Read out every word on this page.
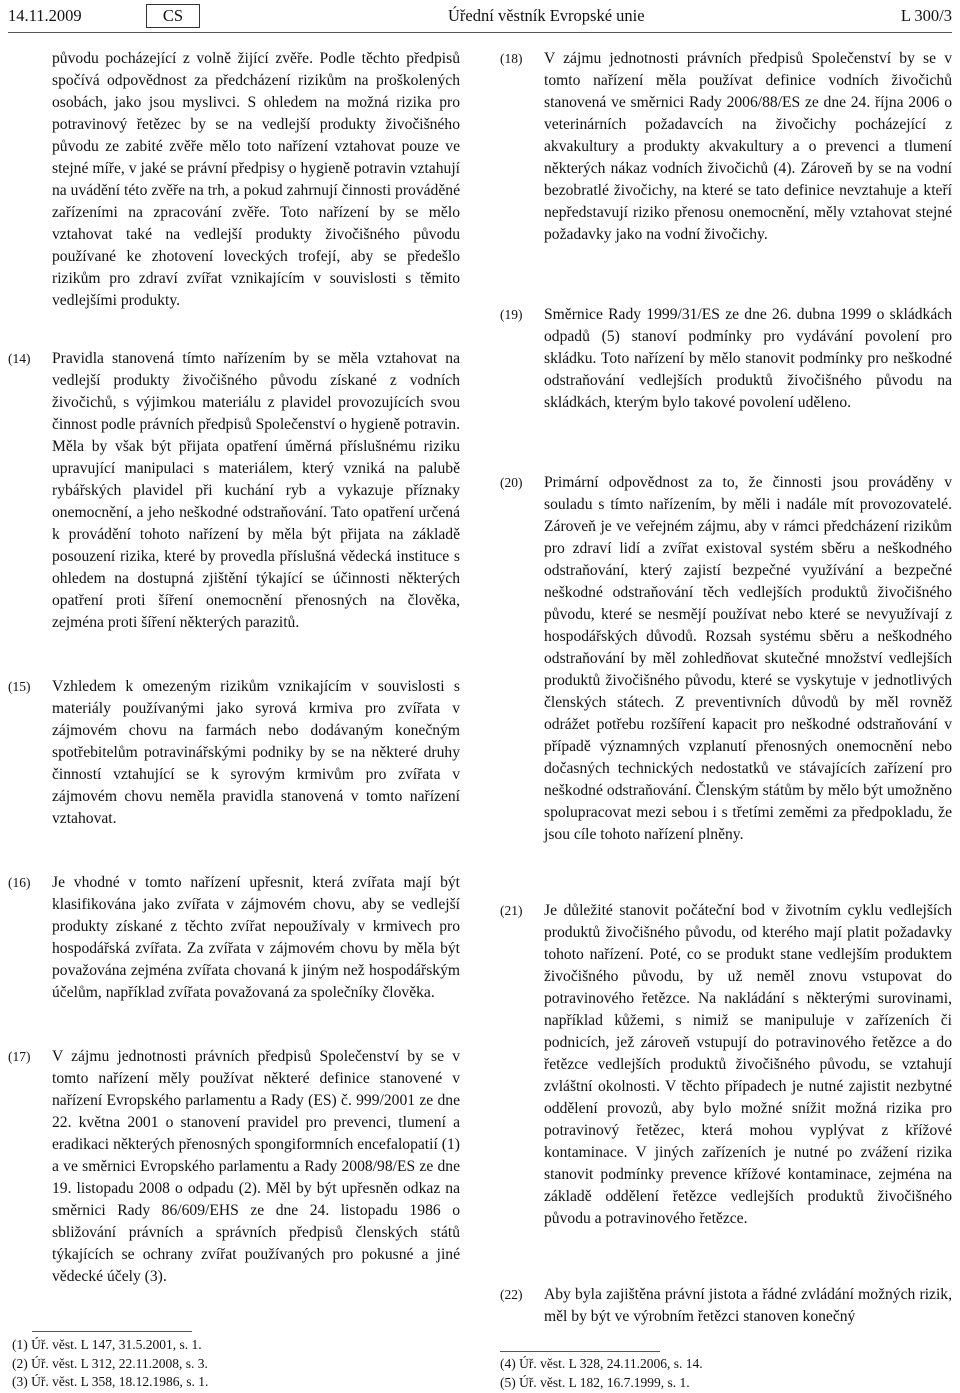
14.11.2009	CS	Úřední věstník Evropské unie	L 300/3
původu pocházející z volně žijící zvěře. Podle těchto předpisů spočívá odpovědnost za předcházení rizikům na proškolených osobách, jako jsou myslivci. S ohledem na možná rizika pro potravinový řetězec by se na vedlejší produkty živočišného původu ze zabité zvěře mělo toto nařízení vztahovat pouze ve stejné míře, v jaké se právní předpisy o hygieně potravin vztahují na uvádění této zvěře na trh, a pokud zahrnují činnosti prováděné zařízeními na zpracování zvěře. Toto nařízení by se mělo vztahovat také na vedlejší produkty živočišného původu používané ke zhotovení loveckých trofejí, aby se předešlo rizikům pro zdraví zvířat vznikajícím v souvislosti s těmito vedlejšími produkty.
(14) Pravidla stanovená tímto nařízením by se měla vztahovat na vedlejší produkty živočišného původu získané z vodních živočichů, s výjimkou materiálu z plavidel provozujících svou činnost podle právních předpisů Společenství o hygieně potravin. Měla by však být přijata opatření úměrná příslušnému riziku upravující manipulaci s materiálem, který vzniká na palubě rybářských plavidel při kuchání ryb a vykazuje příznaky onemocnění, a jeho neškodné odstraňování. Tato opatření určená k provádění tohoto nařízení by měla být přijata na základě posouzení rizika, které by provedla příslušná vědecká instituce s ohledem na dostupná zjištění týkající se účinnosti některých opatření proti šíření onemocnění přenosných na člověka, zejména proti šíření některých parazitů.
(15) Vzhledem k omezeným rizikům vznikajícím v souvislosti s materiály používanými jako syrová krmiva pro zvířata v zájmovém chovu na farmách nebo dodávaným konečným spotřebitelům potravinářskými podniky by se na některé druhy činností vztahující se k syrovým krmivům pro zvířata v zájmovém chovu neměla pravidla stanovená v tomto nařízení vztahovat.
(16) Je vhodné v tomto nařízení upřesnit, která zvířata mají být klasifikována jako zvířata v zájmovém chovu, aby se vedlejší produkty získané z těchto zvířat nepoužívaly v krmivech pro hospodářská zvířata. Za zvířata v zájmovém chovu by měla být považována zejména zvířata chovaná k jiným než hospodářským účelům, například zvířata považovaná za společníky člověka.
(17) V zájmu jednotnosti právních předpisů Společenství by se v tomto nařízení měly používat některé definice stanovené v nařízení Evropského parlamentu a Rady (ES) č. 999/2001 ze dne 22. května 2001 o stanovení pravidel pro prevenci, tlumení a eradikaci některých přenosných spongiformních encefalopatií (1) a ve směrnici Evropského parlamentu a Rady 2008/98/ES ze dne 19. listopadu 2008 o odpadu (2). Měl by být upřesněn odkaz na směrnici Rady 86/609/EHS ze dne 24. listopadu 1986 o sbližování právních a správních předpisů členských států týkajících se ochrany zvířat používaných pro pokusné a jiné vědecké účely (3).
(18) V zájmu jednotnosti právních předpisů Společenství by se v tomto nařízení měla používat definice vodních živočichů stanovená ve směrnici Rady 2006/88/ES ze dne 24. října 2006 o veterinárních požadavcích na živočichy pocházející z akvakultury a produkty akvakultury a o prevenci a tlumení některých nákaz vodních živočichů (4). Zároveň by se na vodní bezobratlé živočichy, na které se tato definice nevztahuje a kteří nepředstavují riziko přenosu onemocnění, měly vztahovat stejné požadavky jako na vodní živočichy.
(19) Směrnice Rady 1999/31/ES ze dne 26. dubna 1999 o skládkách odpadů (5) stanoví podmínky pro vydávání povolení pro skládku. Toto nařízení by mělo stanovit podmínky pro neškodné odstraňování vedlejších produktů živočišného původu na skládkách, kterým bylo takové povolení uděleno.
(20) Primární odpovědnost za to, že činnosti jsou prováděny v souladu s tímto nařízením, by měli i nadále mít provozovatelé. Zároveň je ve veřejném zájmu, aby v rámci předcházení rizikům pro zdraví lidí a zvířat existoval systém sběru a neškodného odstraňování, který zajistí bezpečné využívání a bezpečné neškodné odstraňování těch vedlejších produktů živočišného původu, které se nesmějí používat nebo které se nevyužívají z hospodářských důvodů. Rozsah systému sběru a neškodného odstraňování by měl zohledňovat skutečné množství vedlejších produktů živočišného původu, které se vyskytuje v jednotlivých členských státech. Z preventivních důvodů by měl rovněž odrážet potřebu rozšíření kapacit pro neškodné odstraňování v případě významných vzplanutí přenosných onemocnění nebo dočasných technických nedostatků ve stávajících zařízení pro neškodné odstraňování. Členským státům by mělo být umožněno spolupracovat mezi sebou i s třetími zeměmi za předpokladu, že jsou cíle tohoto nařízení plněny.
(21) Je důležité stanovit počáteční bod v životním cyklu vedlejších produktů živočišného původu, od kterého mají platit požadavky tohoto nařízení. Poté, co se produkt stane vedlejším produktem živočišného původu, by už neměl znovu vstupovat do potravinového řetězce. Na nakládání s některými surovinami, například kůžemi, s nimiž se manipuluje v zařízeních či podnicích, jež zároveň vstupují do potravinového řetězce a do řetězce vedlejších produktů živočišného původu, se vztahují zvláštní okolnosti. V těchto případech je nutné zajistit nezbytné oddělení provozů, aby bylo možné snížit možná rizika pro potravinový řetězec, která mohou vyplývat z křížové kontaminace. V jiných zařízeních je nutné po zvážení rizika stanovit podmínky prevence křížové kontaminace, zejména na základě oddělení řetězce vedlejších produktů živočišného původu a potravinového řetězce.
(22) Aby byla zajištěna právní jistota a řádné zvládání možných rizik, měl by být ve výrobním řetězci stanoven konečný
(1) Úř. věst. L 147, 31.5.2001, s. 1.
(2) Úř. věst. L 312, 22.11.2008, s. 3.
(3) Úř. věst. L 358, 18.12.1986, s. 1.
(4) Úř. věst. L 328, 24.11.2006, s. 14.
(5) Úř. věst. L 182, 16.7.1999, s. 1.
